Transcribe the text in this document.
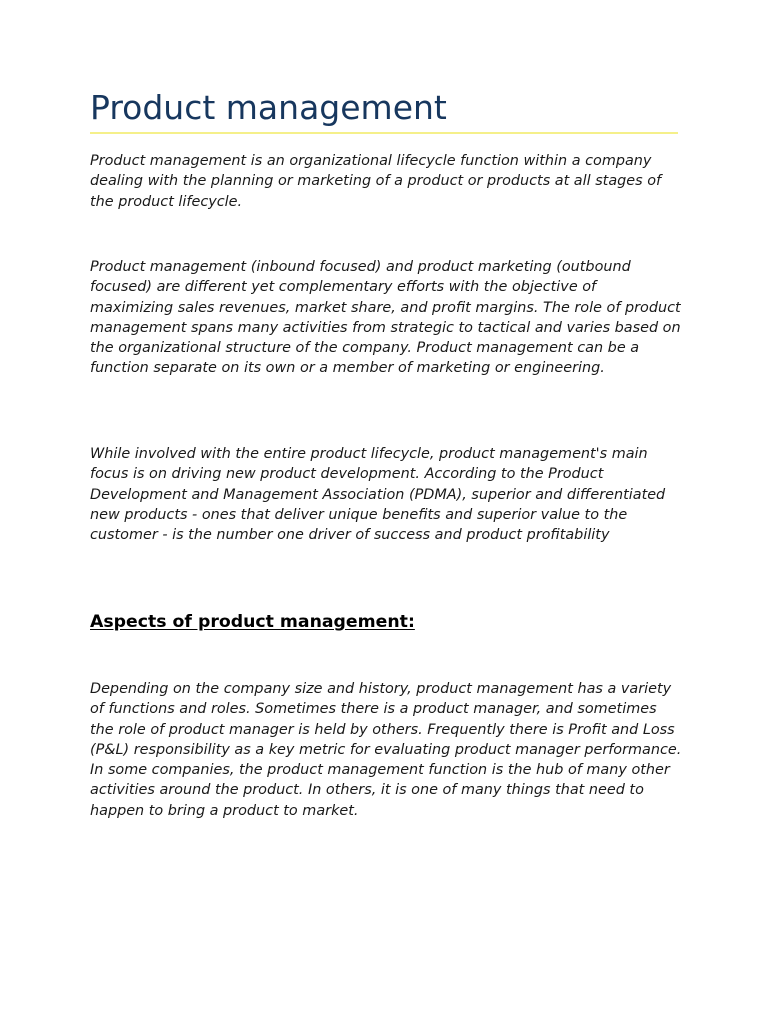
Product management

Product management is an organizational lifecycle function within a company dealing with the planning or marketing of a product or products at all stages of the product lifecycle.

Product management (inbound focused) and product marketing (outbound focused) are different yet complementary efforts with the objective of maximizing sales revenues, market share, and profit margins. The role of product management spans many activities from strategic to tactical and varies based on the organizational structure of the company. Product management can be a function separate on its own or a member of marketing or engineering.

While involved with the entire product lifecycle, product management's main focus is on driving new product development. According to the Product Development and Management Association (PDMA), superior and differentiated new products - ones that deliver unique benefits and superior value to the customer - is the number one driver of success and product profitability

Aspects of product management:

Depending on the company size and history, product management has a variety of functions and roles. Sometimes there is a product manager, and sometimes the role of product manager is held by others. Frequently there is Profit and Loss (P&L) responsibility as a key metric for evaluating product manager performance. In some companies, the product management function is the hub of many other activities around the product. In others, it is one of many things that need to happen to bring a product to market.
